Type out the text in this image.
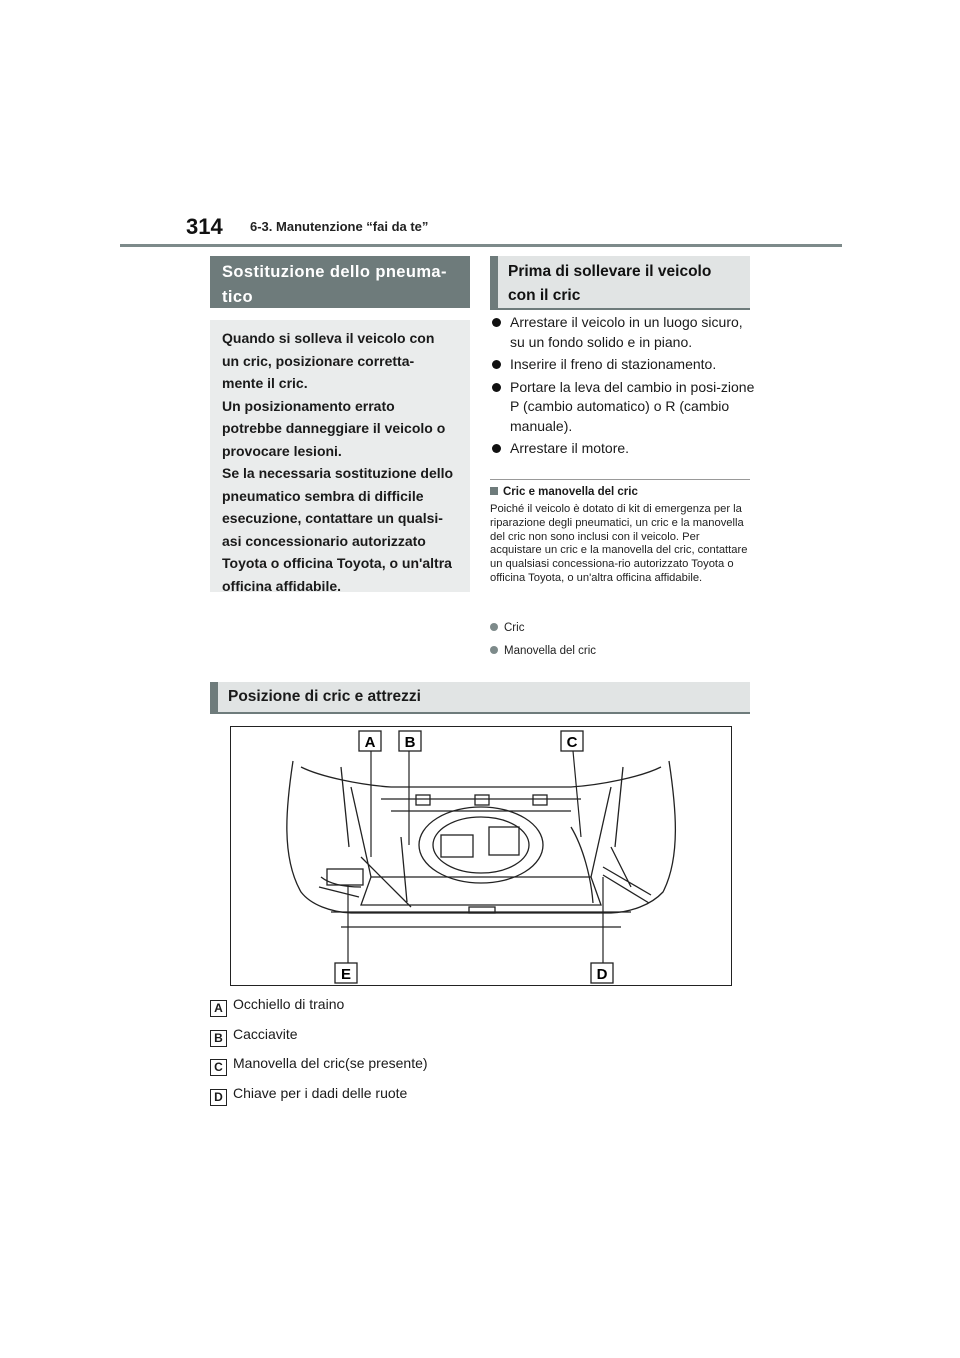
314 6-3. Manutenzione “fai da te”
Sostituzione dello pneuma-tico

Quando si solleva il veicolo con

un cric, posizionare corretta-

mente il cric.

Un posizionamento errato

potrebbe danneggiare il veicolo o

provocare lesioni.

Se la necessaria sostituzione dello

pneumatico sembra di difficile

esecuzione, contattare un qualsi-

asi concessionario autorizzato

Toyota o officina Toyota, o un'altra

officina affidabile.

Prima di sollevare il veicolo
con il cric
Arrestare il veicolo in un luogo sicuro, su un fondo solido e in piano.
Inserire il freno di stazionamento.
Portare la leva del cambio in posi-zione P (cambio automatico) o R (cambio manuale).
Arrestare il motore.
Cric e manovella del cric
Poiché il veicolo è dotato di kit di emergenza per la riparazione degli pneumatici, un cric e la manovella del cric non sono inclusi con il veicolo. Per acquistare un cric e la manovella del cric, contattare un qualsiasi concessiona-rio autorizzato Toyota o officina Toyota, o un'altra officina affidabile.
Cric
Manovella del cric
Posizione di cric e attrezzi
A B	C
D
E
A Occhiello di traino
B Cacciavite
C Manovella del cric(se presente)
D Chiave per i dadi delle ruote
